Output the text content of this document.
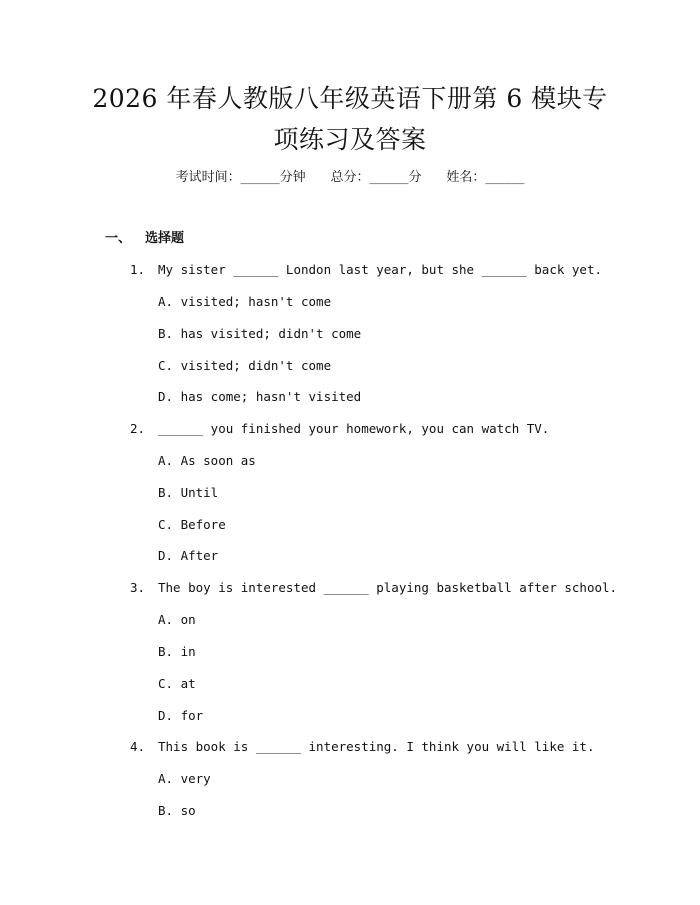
2026 年春人教版八年级英语下册第 6 模块专
项练习及答案
考试时间：______分钟 总分：______分 姓名：______
一、 选择题
1. My sister ______ London last year, but she ______ back yet.
A. visited; hasn't come
B. has visited; didn't come
C. visited; didn't come
D. has come; hasn't visited
2. ______ you finished your homework, you can watch TV.
A. As soon as
B. Until
C. Before
D. After
3. The boy is interested ______ playing basketball after school.
A. on
B. in
C. at
D. for
4. This book is ______ interesting. I think you will like it.
A. very
B. so
